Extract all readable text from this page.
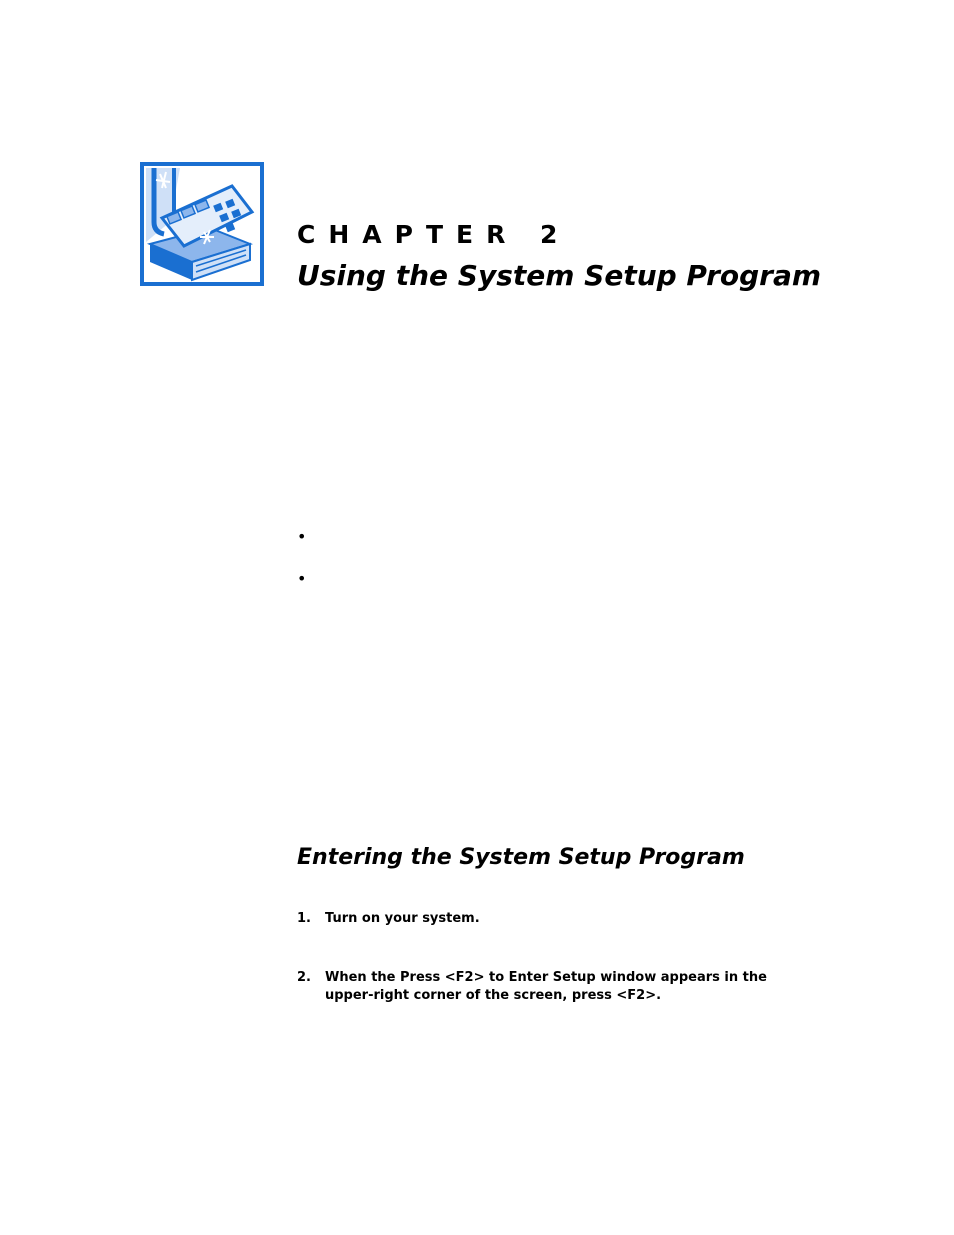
CHAPTER 2
Using the System Setup Program
•
•
Entering the System Setup Program
1.	Turn on your system.
2.	When the Press <F2> to Enter Setup window appears in the upper-right corner of the screen, press <F2>.
